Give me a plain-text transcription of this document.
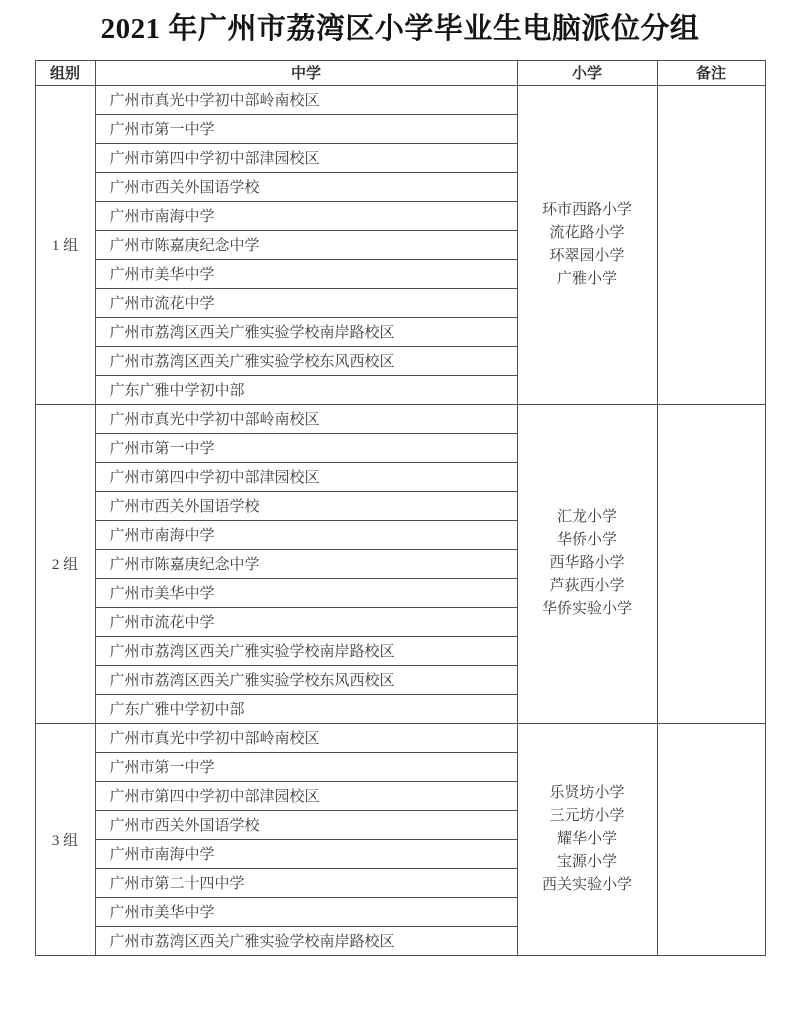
2021 年广州市荔湾区小学毕业生电脑派位分组
组别	中学	小学	备注
1 组	广州市真光中学初中部岭南校区	环市西路小学
流花路小学
环翠园小学
广雅小学	

	广州市第一中学		
	广州市第四中学初中部津园校区		
	广州市西关外国语学校		
	广州市南海中学		
	广州市陈嘉庚纪念中学		
	广州市美华中学		
	广州市流花中学		
	广州市荔湾区西关广雅实验学校南岸路校区		
	广州市荔湾区西关广雅实验学校东风西校区		
	广东广雅中学初中部		
2 组	广州市真光中学初中部岭南校区	汇龙小学
华侨小学
西华路小学
芦荻西小学
华侨实验小学	

	广州市第一中学		
	广州市第四中学初中部津园校区		
	广州市西关外国语学校		
	广州市南海中学		
	广州市陈嘉庚纪念中学		
	广州市美华中学		
	广州市流花中学		
	广州市荔湾区西关广雅实验学校南岸路校区		
	广州市荔湾区西关广雅实验学校东风西校区		
	广东广雅中学初中部		
3 组	广州市真光中学初中部岭南校区	乐贤坊小学
三元坊小学
耀华小学
宝源小学
西关实验小学	

	广州市第一中学		
	广州市第四中学初中部津园校区		
	广州市西关外国语学校		
	广州市南海中学		
	广州市第二十四中学		
	广州市美华中学		
	广州市荔湾区西关广雅实验学校南岸路校区		
